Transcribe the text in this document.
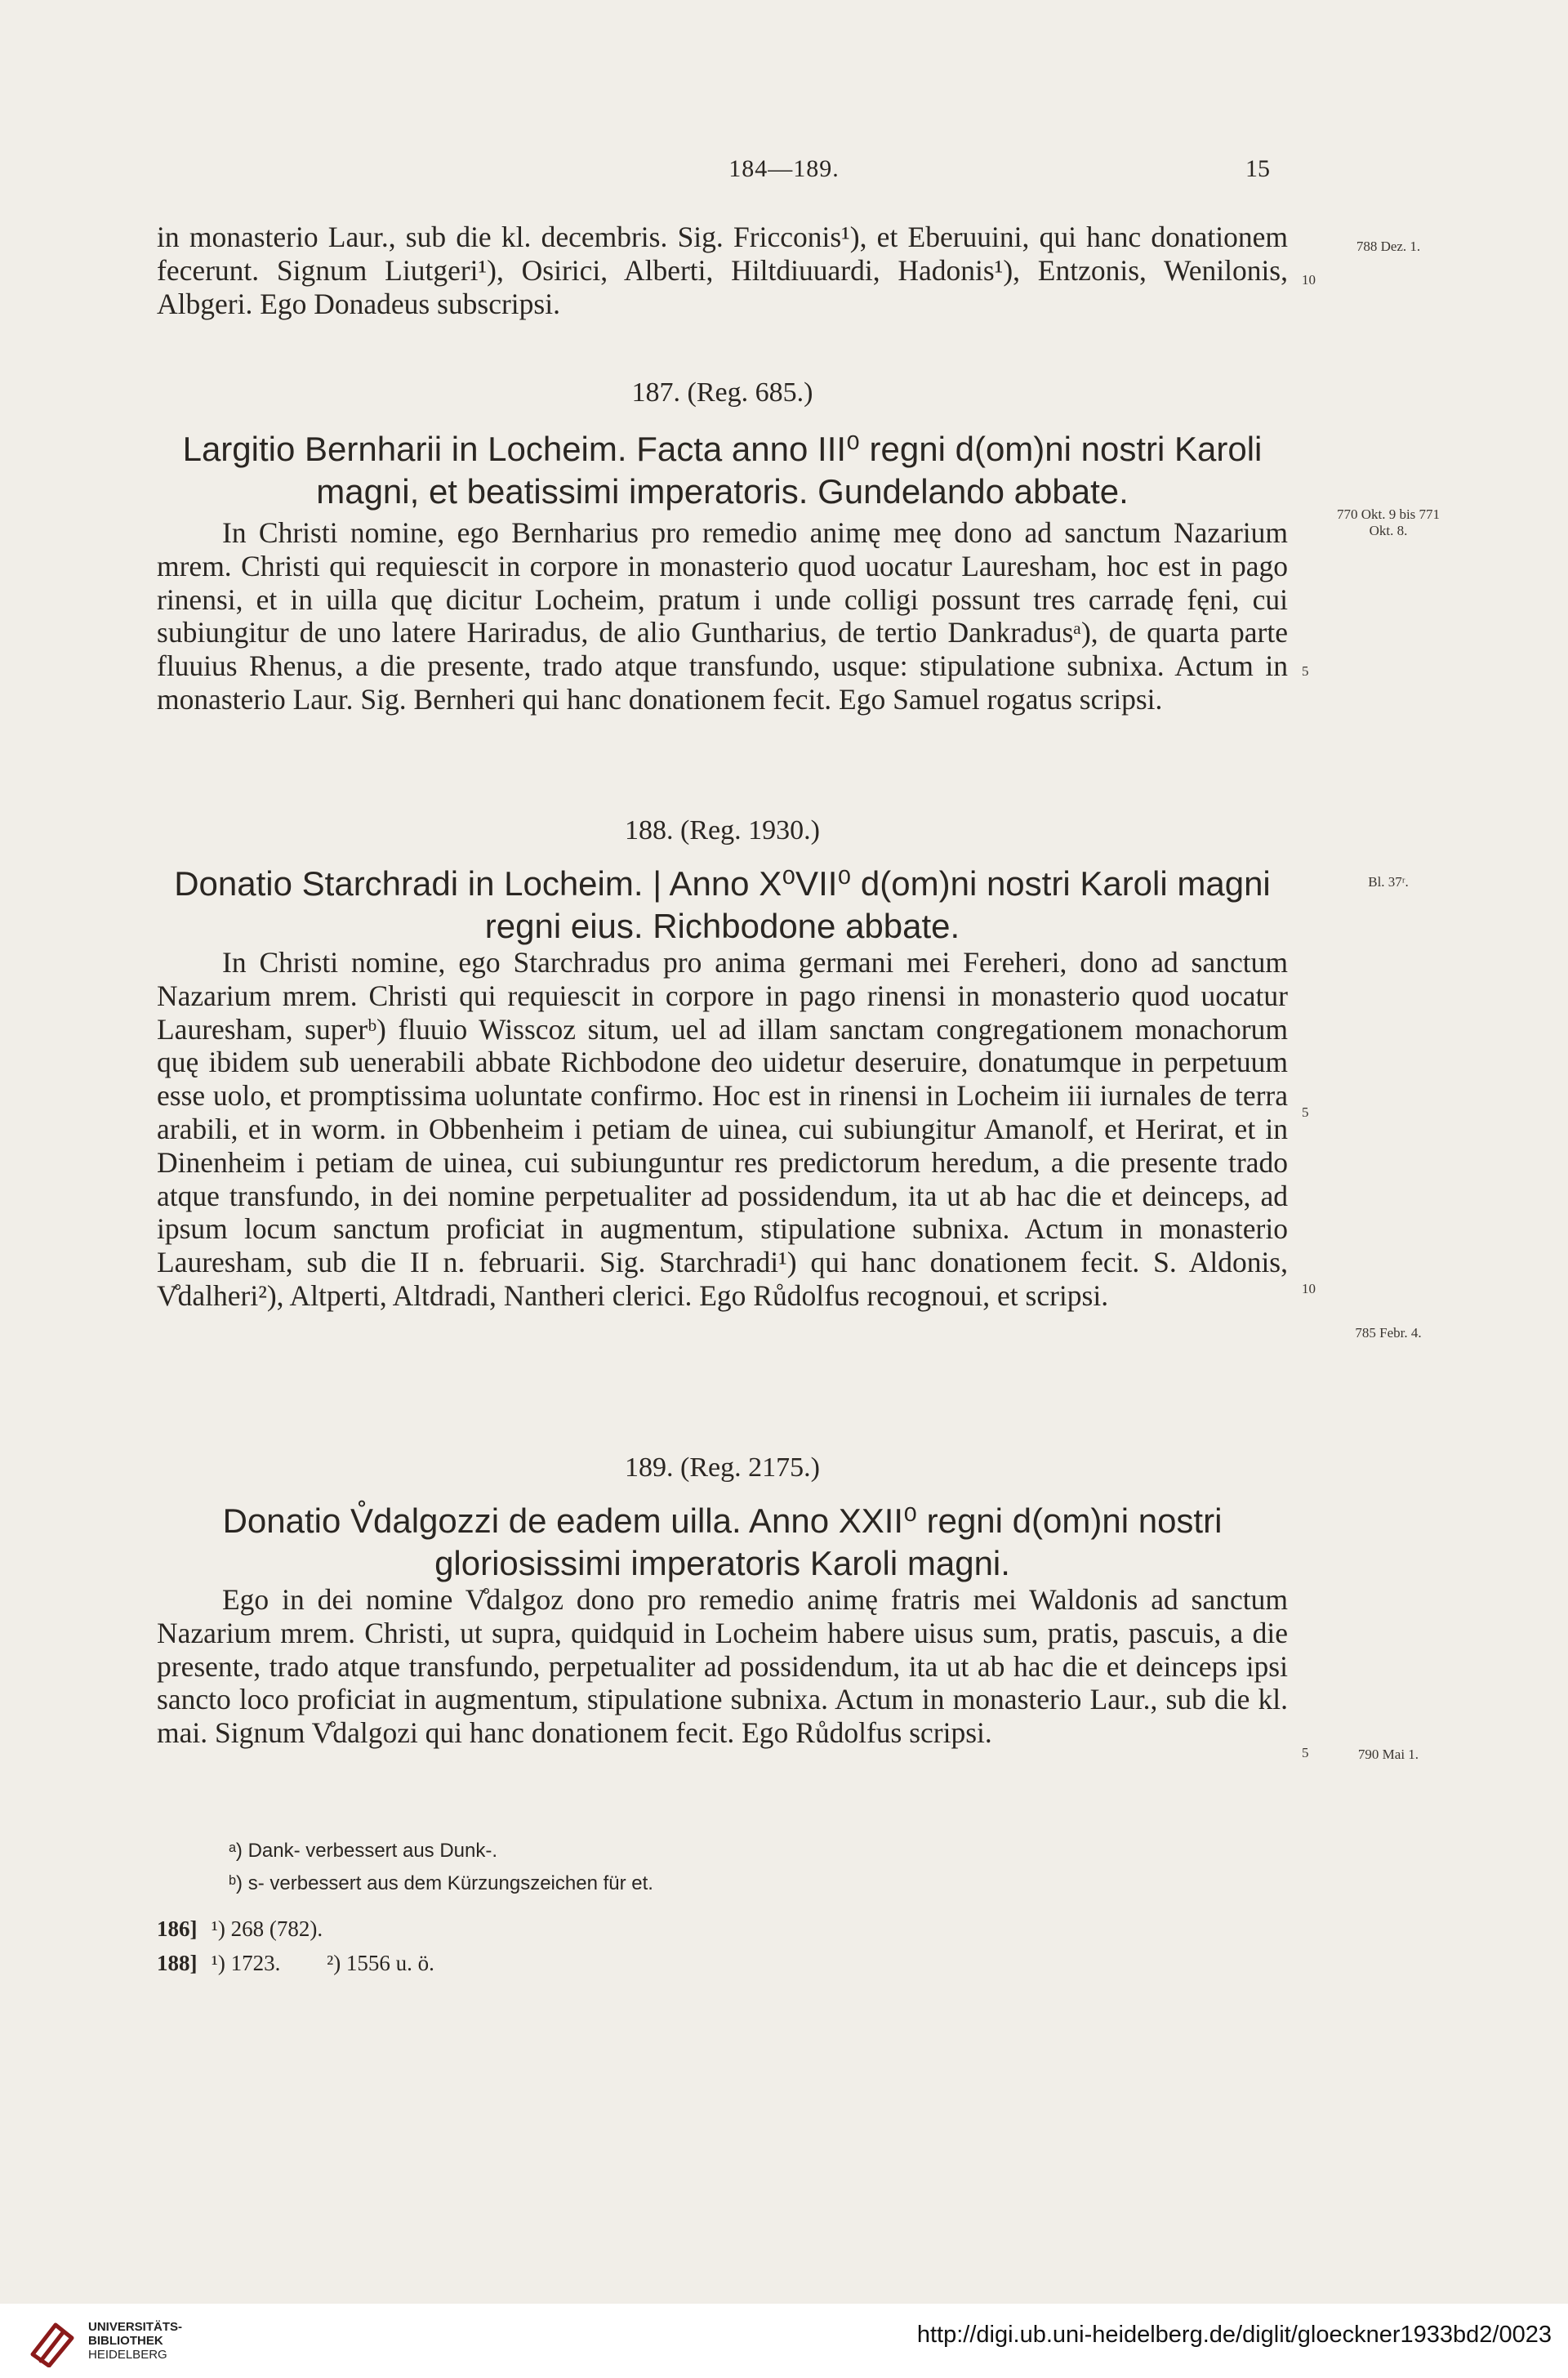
184—189.	15

in monasterio Laur., sub die kl. decembris. Sig. Fricconis¹), et Eberuuini, qui hanc donationem fecerunt. Signum Liutgeri¹), Osirici, Alberti, Hiltdiuuardi, Hadonis¹), Entzonis, Wenilonis, Albgeri. Ego Donadeus subscripsi.

788 Dez. 1.
10
187. (Reg. 685.)
Largitio Bernharii in Locheim. Facta anno III⁰ regni d(om)ni nostri Karoli magni, et beatissimi imperatoris. Gundelando abbate.

In Christi nomine, ego Bernharius pro remedio animę meę dono ad sanctum Nazarium mrem. Christi qui requiescit in corpore in monasterio quod uocatur Lauresham, hoc est in pago rinensi, et in uilla quę dicitur Locheim, pratum i unde colligi possunt tres carradę fęni, cui subiungitur de uno latere Hariradus, de alio Guntharius, de tertio Dankradusᵃ), de quarta parte fluuius Rhenus, a die presente, trado atque transfundo, usque: stipulatione subnixa. Actum in monasterio Laur. Sig. Bernheri qui hanc donationem fecit. Ego Samuel rogatus scripsi.

770 Okt. 9 bis 771 Okt. 8.
5
188. (Reg. 1930.)
Donatio Starchradi in Locheim. | Anno X⁰VII⁰ d(om)ni nostri Karoli magni regni eius. Richbodone abbate.
Bl. 37ʳ.

In Christi nomine, ego Starchradus pro anima germani mei Fereheri, dono ad sanctum Nazarium mrem. Christi qui requiescit in corpore in pago rinensi in monasterio quod uocatur Lauresham, superᵇ) fluuio Wisscoz situm, uel ad illam sanctam congregationem monachorum quę ibidem sub uenerabili abbate Richbodone deo uidetur deseruire, donatumque in perpetuum esse uolo, et promptissima uoluntate confirmo. Hoc est in rinensi in Locheim iii iurnales de terra arabili, et in worm. in Obbenheim i petiam de uinea, cui subiungitur Amanolf, et Herirat, et in Dinenheim i petiam de uinea, cui subiunguntur res predictorum heredum, a die presente trado atque transfundo, in dei nomine perpetualiter ad possidendum, ita ut ab hac die et deinceps, ad ipsum locum sanctum proficiat in augmentum, stipulatione subnixa. Actum in monasterio Lauresham, sub die II n. februarii. Sig. Starchradi¹) qui hanc donationem fecit. S. Aldonis, V̊dalheri²), Altperti, Altdradi, Nantheri clerici. Ego Růdolfus recognoui, et scripsi.

5
10
785 Febr. 4.
189. (Reg. 2175.)
Donatio V̊dalgozzi de eadem uilla. Anno XXII⁰ regni d(om)ni nostri gloriosissimi imperatoris Karoli magni.

Ego in dei nomine V̊dalgoz dono pro remedio animę fratris mei Waldonis ad sanctum Nazarium mrem. Christi, ut supra, quidquid in Locheim habere uisus sum, pratis, pascuis, a die presente, trado atque transfundo, perpetualiter ad possidendum, ita ut ab hac die et deinceps ipsi sancto loco proficiat in augmentum, stipulatione subnixa. Actum in monasterio Laur., sub die kl. mai. Signum V̊dalgozi qui hanc donationem fecit. Ego Růdolfus scripsi.

5	790 Mai 1.
ᵃ) Dank- verbessert aus Dunk-.
ᵇ) s- verbessert aus dem Kürzungszeichen für et.
186] ¹) 268 (782).
188] ¹) 1723. ²) 1556 u. ö.
UNIVERSITÄTS-
BIBLIOTHEK
HEIDELBERG
http://digi.ub.uni-heidelberg.de/diglit/gloeckner1933bd2/0023
